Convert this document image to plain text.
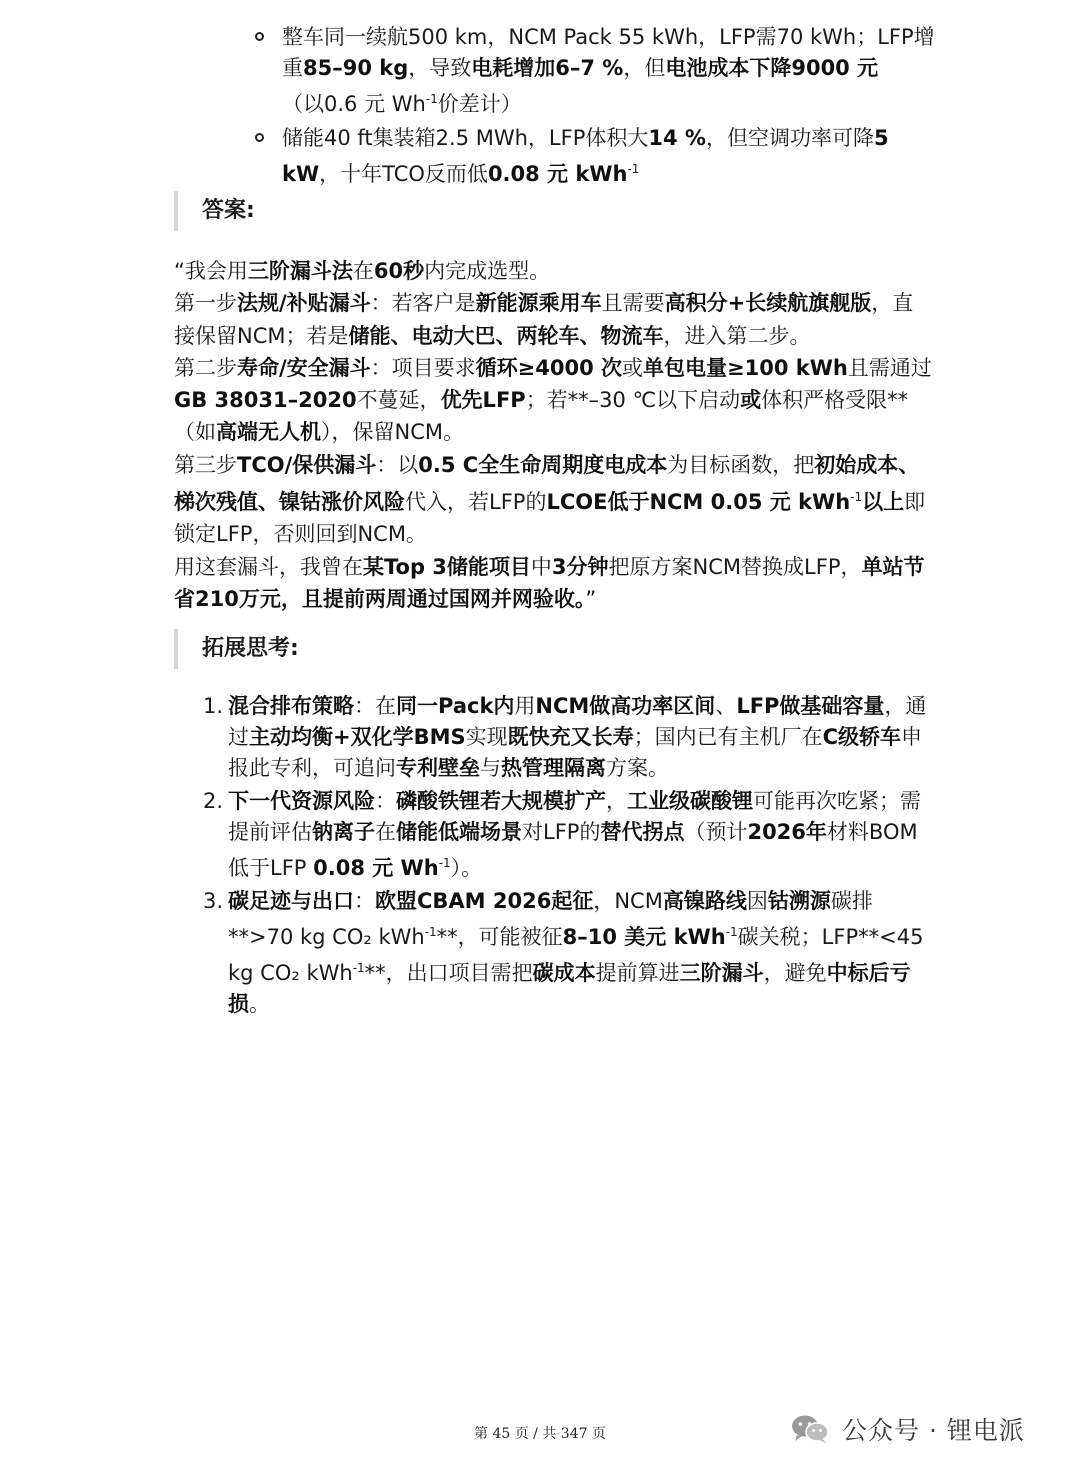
整车同一续航500 km，NCM Pack 55 kWh，LFP需70 kWh；LFP增重85–90 kg，导致电耗增加6–7 %，但电池成本下降9000 元
（以0.6 元 $Wh^{-1}$价差计）
储能40 ft集装箱2.5 MWh，LFP体积大14 %，但空调功率可降5 kW，十年TCO反而低0.08 元 kWh$^{-1}$
答案:

“我会用三阶漏斗法在60秒内完成选型。

第一步法规/补贴漏斗：若客户是新能源乘用车且需要高积分+长续航旗舰版，直接保留NCM；若是储能、电动大巴、两轮车、物流车，进入第二步。

第二步寿命/安全漏斗：项目要求循环≥4000 次或单包电量≥100 kWh且需通过GB 38031–2020不蔓延，优先LFP；若**–30 ℃以下启动或体积严格受限**（如高端无人机），保留NCM。

第三步TCO/保供漏斗：以0.5 C全生命周期度电成本为目标函数，把初始成本、梯次残值、镍钴涨价风险代入，若LFP的LCOE低于NCM 0.05 元 kWh$^{-1}$以上即锁定LFP，否则回到NCM。

用这套漏斗，我曾在某Top 3储能项目中3分钟把原方案NCM替换成LFP，单站节省210万元，且提前两周通过国网并网验收。”

拓展思考:
1. 混合排布策略：在同一Pack内用NCM做高功率区间、LFP做基础容量，通过主动均衡+双化学BMS实现既快充又长寿；国内已有主机厂在C级轿车申报此专利，可追问专利壁垒与热管理隔离方案。
2. 下一代资源风险：磷酸铁锂若大规模扩产，工业级碳酸锂可能再次吃紧；需提前评估钠离子在储能低端场景对LFP的替代拐点（预计2026年材料BOM低于LFP 0.08 元 $Wh^{-1}$）。
3. 碳足迹与出口：欧盟CBAM 2026起征，NCM高镍路线因钴溯源碳排**>70 kg CO₂ kWh$^{-1}$**，可能被征8–10 美元 kWh$^{-1}$碳关税；LFP**<45 kg CO₂ kWh$^{-1}$**，出口项目需把碳成本提前算进三阶漏斗，避免中标后亏损。
第 45 页 / 共 347 页	公众号 · 锂电派
